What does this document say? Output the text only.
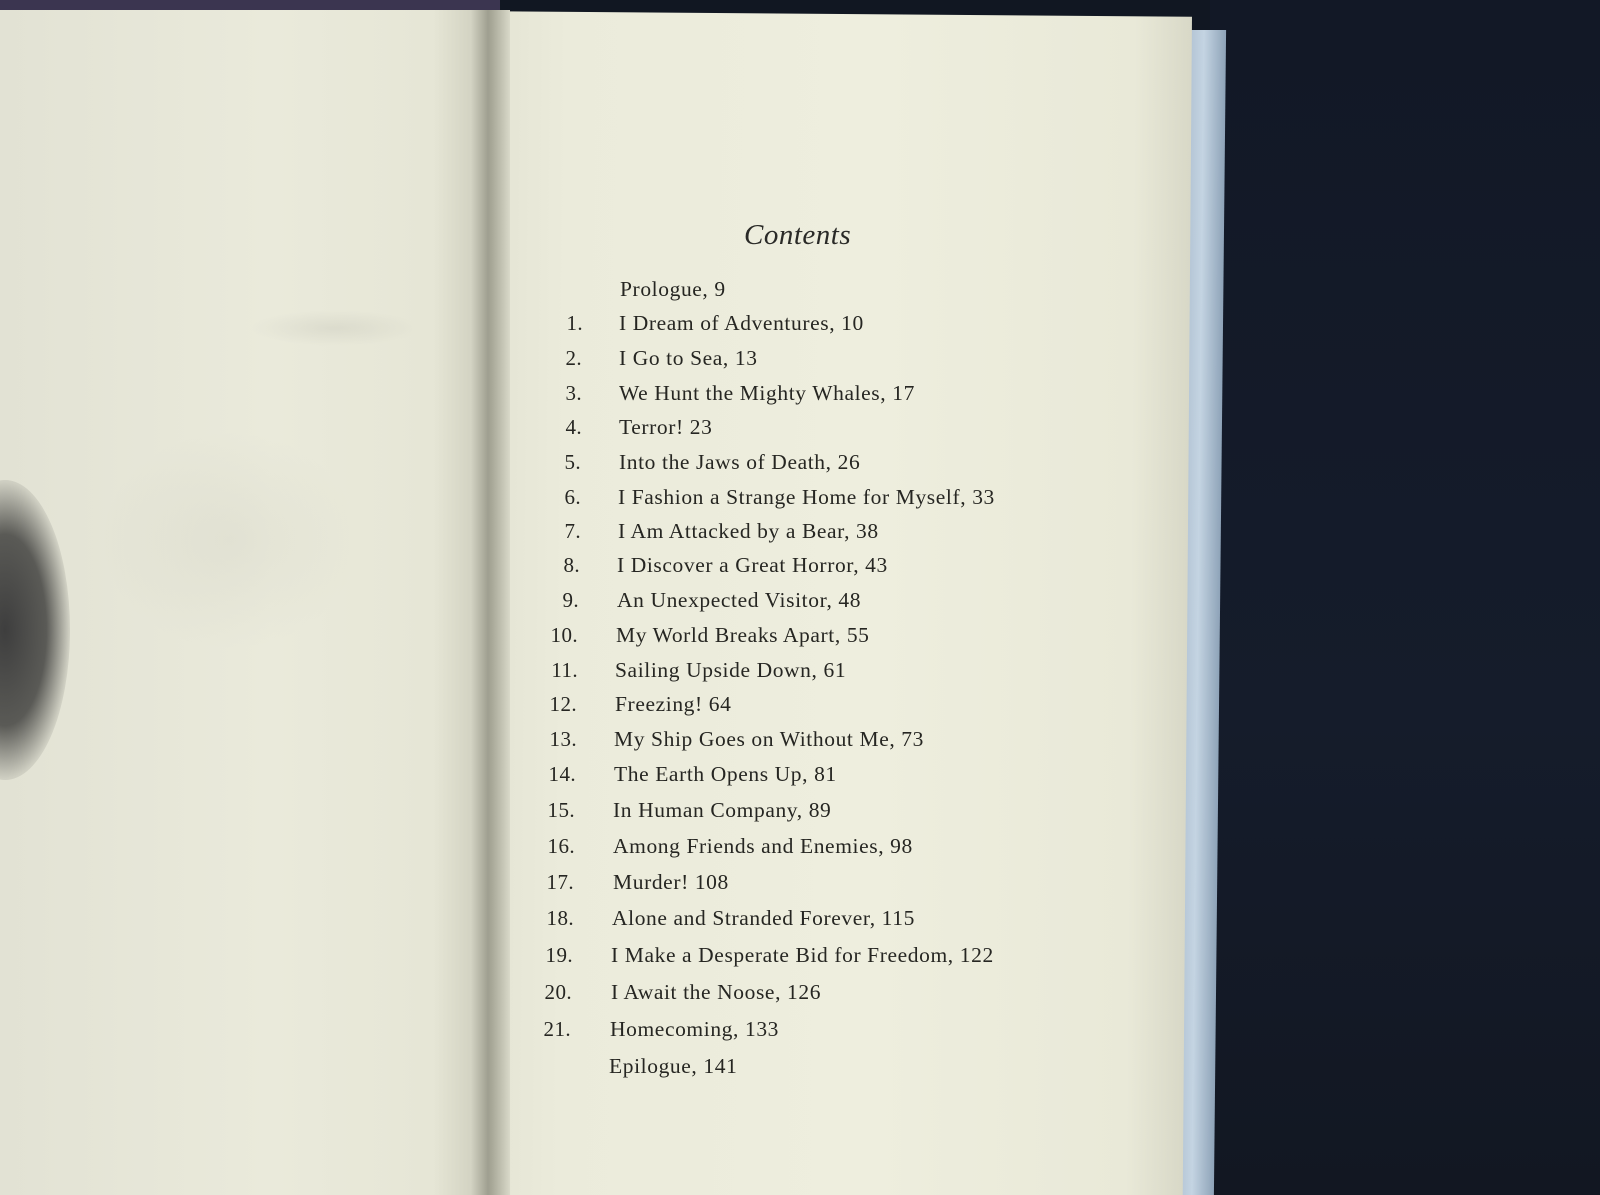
Contents
Prologue, 9
1. I Dream of Adventures, 10
2. I Go to Sea, 13
3. We Hunt the Mighty Whales, 17
4. Terror! 23
5. Into the Jaws of Death, 26
6. I Fashion a Strange Home for Myself, 33
7. I Am Attacked by a Bear, 38
8. I Discover a Great Horror, 43
9. An Unexpected Visitor, 48
10. My World Breaks Apart, 55
11. Sailing Upside Down, 61
12. Freezing! 64
13. My Ship Goes on Without Me, 73
14. The Earth Opens Up, 81
15. In Human Company, 89
16. Among Friends and Enemies, 98
17. Murder! 108
18. Alone and Stranded Forever, 115
19. I Make a Desperate Bid for Freedom, 122
20. I Await the Noose, 126
21. Homecoming, 133
Epilogue, 141
